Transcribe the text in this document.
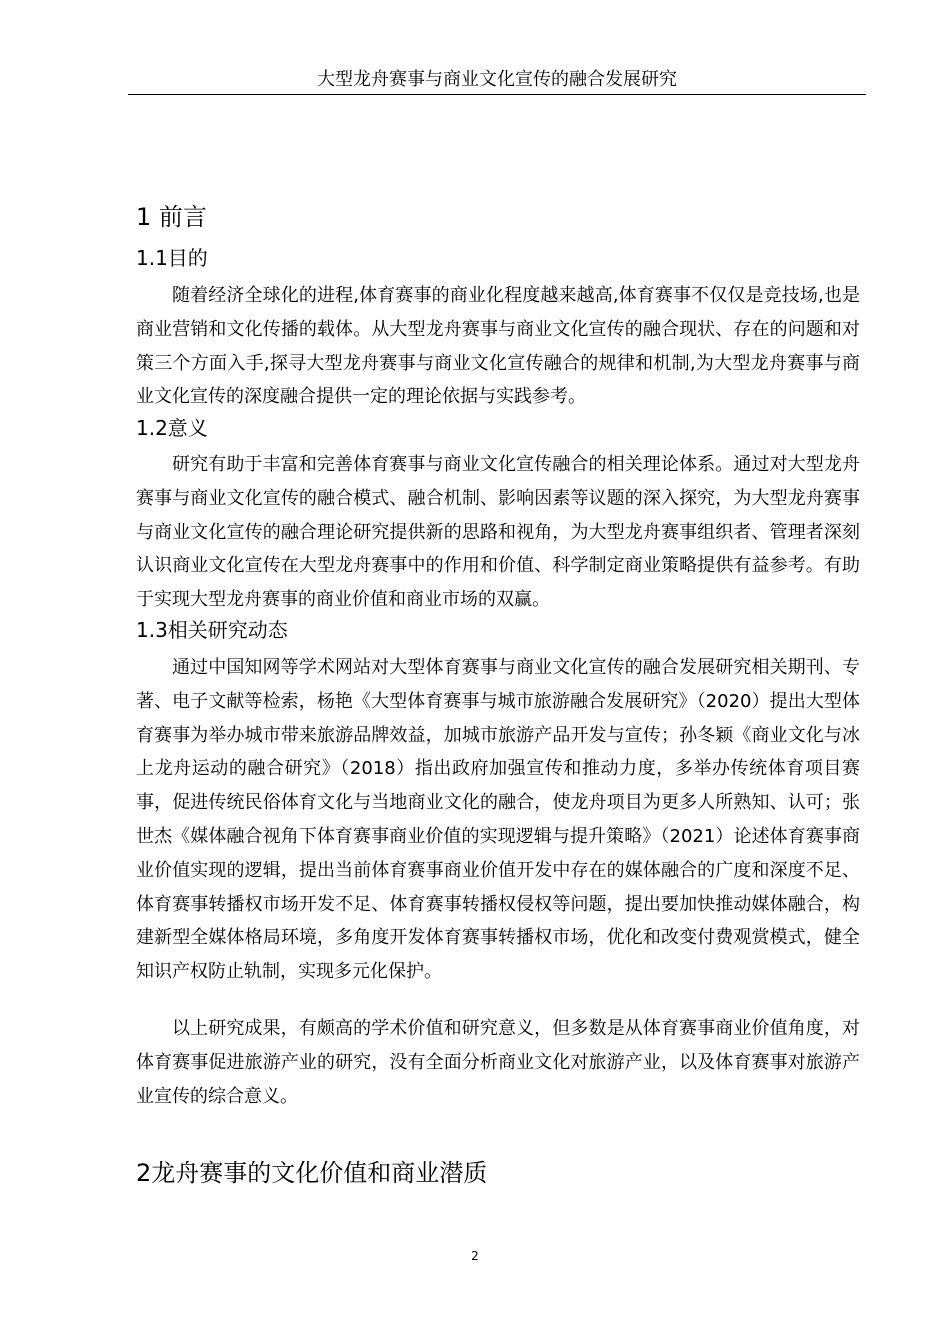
大型龙舟赛事与商业文化宣传的融合发展研究
1 前言
1.1目的

随着经济全球化的进程,体育赛事的商业化程度越来越高,体育赛事不仅仅是竞技场,也是商业营销和文化传播的载体。从大型龙舟赛事与商业文化宣传的融合现状、存在的问题和对策三个方面入手,探寻大型龙舟赛事与商业文化宣传融合的规律和机制,为大型龙舟赛事与商业文化宣传的深度融合提供一定的理论依据与实践参考。

1.2意义

研究有助于丰富和完善体育赛事与商业文化宣传融合的相关理论体系。通过对大型龙舟赛事与商业文化宣传的融合模式、融合机制、影响因素等议题的深入探究，为大型龙舟赛事与商业文化宣传的融合理论研究提供新的思路和视角，为大型龙舟赛事组织者、管理者深刻认识商业文化宣传在大型龙舟赛事中的作用和价值、科学制定商业策略提供有益参考。有助于实现大型龙舟赛事的商业价值和商业市场的双赢。

1.3相关研究动态

通过中国知网等学术网站对大型体育赛事与商业文化宣传的融合发展研究相关期刊、专著、电子文献等检索，杨艳《大型体育赛事与城市旅游融合发展研究》（2020）提出大型体育赛事为举办城市带来旅游品牌效益，加城市旅游产品开发与宣传；孙冬颖《商业文化与冰上龙舟运动的融合研究》（2018）指出政府加强宣传和推动力度，多举办传统体育项目赛事，促进传统民俗体育文化与当地商业文化的融合，使龙舟项目为更多人所熟知、认可；张世杰《媒体融合视角下体育赛事商业价值的实现逻辑与提升策略》（2021）论述体育赛事商业价值实现的逻辑，提出当前体育赛事商业价值开发中存在的媒体融合的广度和深度不足、体育赛事转播权市场开发不足、体育赛事转播权侵权等问题，提出要加快推动媒体融合，构建新型全媒体格局环境，多角度开发体育赛事转播权市场，优化和改变付费观赏模式，健全知识产权防止轨制，实现多元化保护。

以上研究成果，有颇高的学术价值和研究意义，但多数是从体育赛事商业价值角度，对体育赛事促进旅游产业的研究，没有全面分析商业文化对旅游产业，以及体育赛事对旅游产业宣传的综合意义。

2龙舟赛事的文化价值和商业潜质
2
